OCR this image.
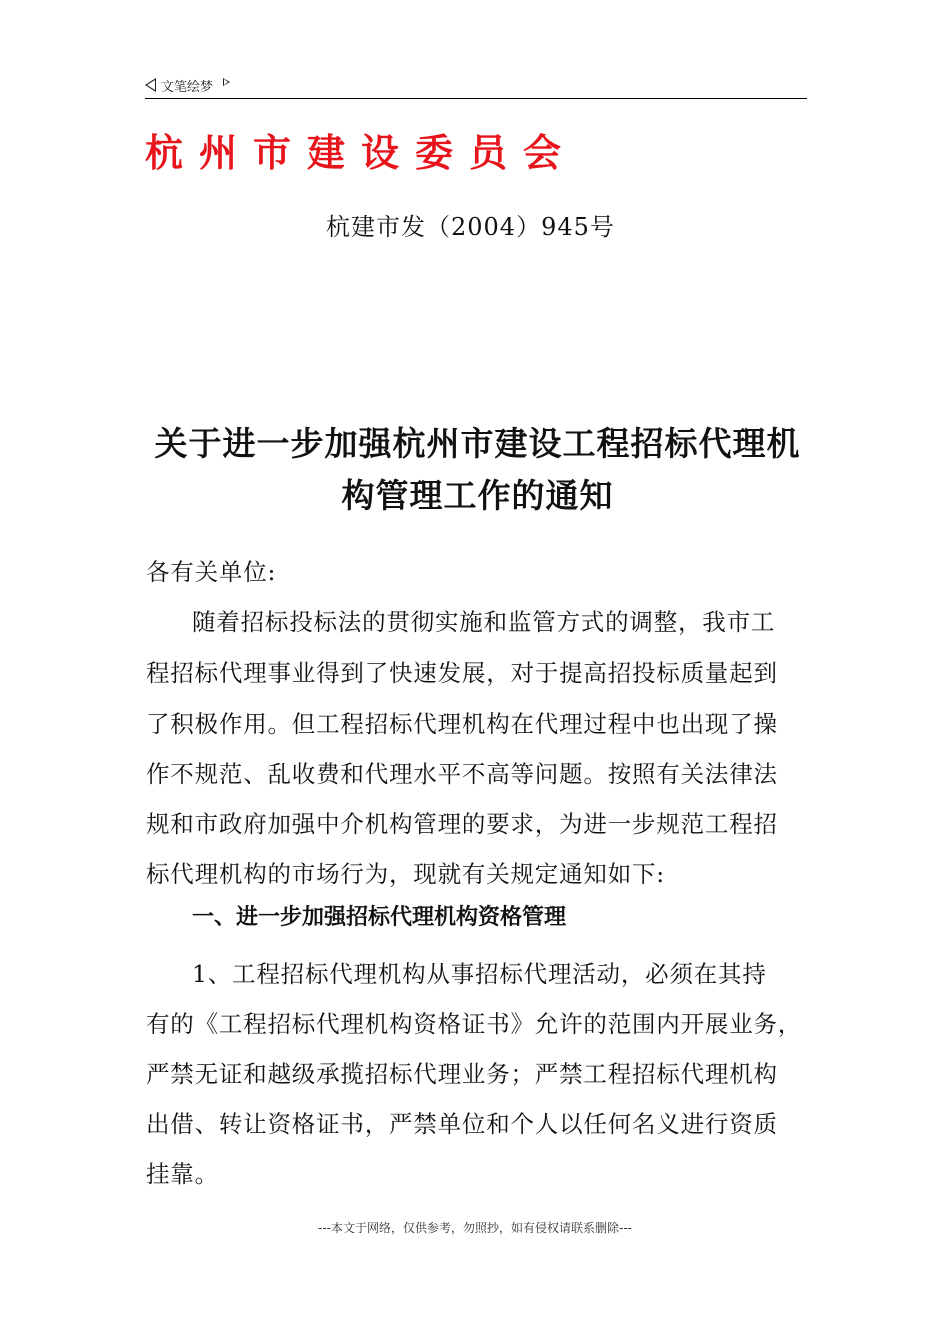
文笔绘梦
杭州市建设委员会
杭建市发（2004）945号
关于进一步加强杭州市建设工程招标代理机
构管理工作的通知
各有关单位:
随着招标投标法的贯彻实施和监管方式的调整，我市工
程招标代理事业得到了快速发展，对于提高招投标质量起到
了积极作用。但工程招标代理机构在代理过程中也出现了操
作不规范、乱收费和代理水平不高等问题。按照有关法律法
规和市政府加强中介机构管理的要求，为进一步规范工程招
标代理机构的市场行为，现就有关规定通知如下:
一、进一步加强招标代理机构资格管理
1、工程招标代理机构从事招标代理活动，必须在其持
有的《工程招标代理机构资格证书》允许的范围内开展业务，
严禁无证和越级承揽招标代理业务；严禁工程招标代理机构
出借、转让资格证书，严禁单位和个人以任何名义进行资质
挂靠。
---本文于网络，仅供参考，勿照抄，如有侵权请联系删除---
